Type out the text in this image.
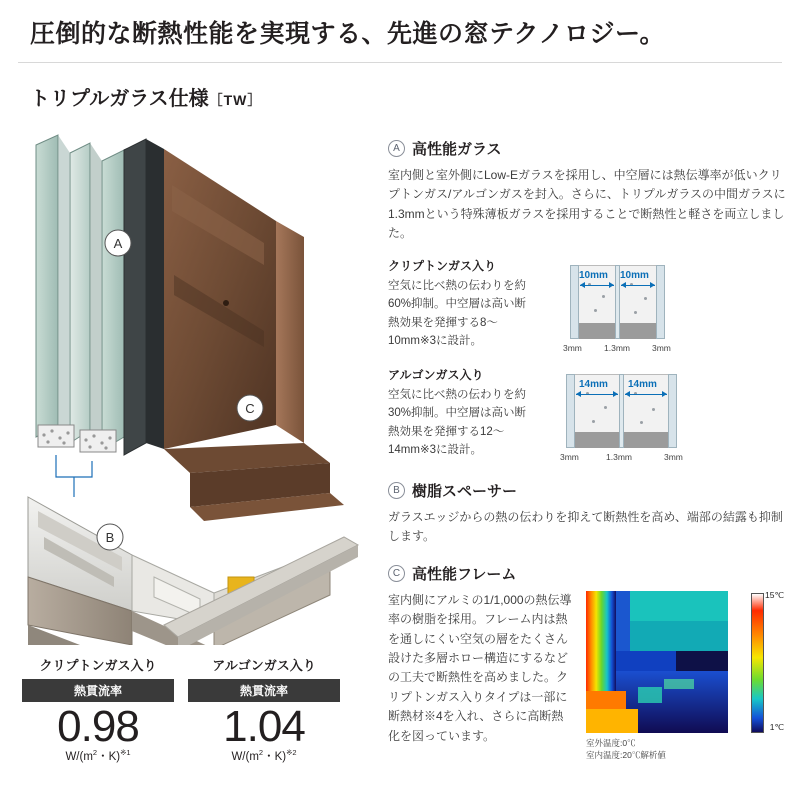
圧倒的な断熱性能を実現する、先進の窓テクノロジー。
トリプルガラス仕様［TW］
A
B
C
A 高性能ガラス
室内側と室外側にLow-Eガラスを採用し、中空層には熱伝導率が低いクリプトンガス/アルゴンガスを封入。さらに、トリプルガラスの中間ガラスに1.3mmという特殊薄板ガラスを採用することで断熱性と軽さを両立しました。
クリプトンガス入り
空気に比べ熱の伝わりを約60%抑制。中空層は高い断熱効果を発揮する8〜10mm※3に設計。
10mm 10mm
3mm	1.3mm	3mm
アルゴンガス入り
空気に比べ熱の伝わりを約30%抑制。中空層は高い断熱効果を発揮する12〜14mm※3に設計。
14mm 14mm
3mm	1.3mm	3mm
B 樹脂スペーサー
ガラスエッジからの熱の伝わりを抑えて断熱性を高め、端部の結露も抑制します。
C 高性能フレーム
室内側にアルミの1/1,000の熱伝導率の樹脂を採用。フレーム内は熱を通しにくい空気の層をたくさん設けた多層ホロー構造にするなどの工夫で断熱性を高めました。クリプトンガス入りタイプは一部に断熱材※4を入れ、さらに高断熱化を図っています。
15℃
1℃
室外温度:0℃
室内温度:20℃解析値
クリプトンガス入り
熱貫流率
0.98
$W/(m^2$・K)$^{※1}$
アルゴンガス入り
熱貫流率
1.04
$W/(m^2$・K)$^{※2}$
